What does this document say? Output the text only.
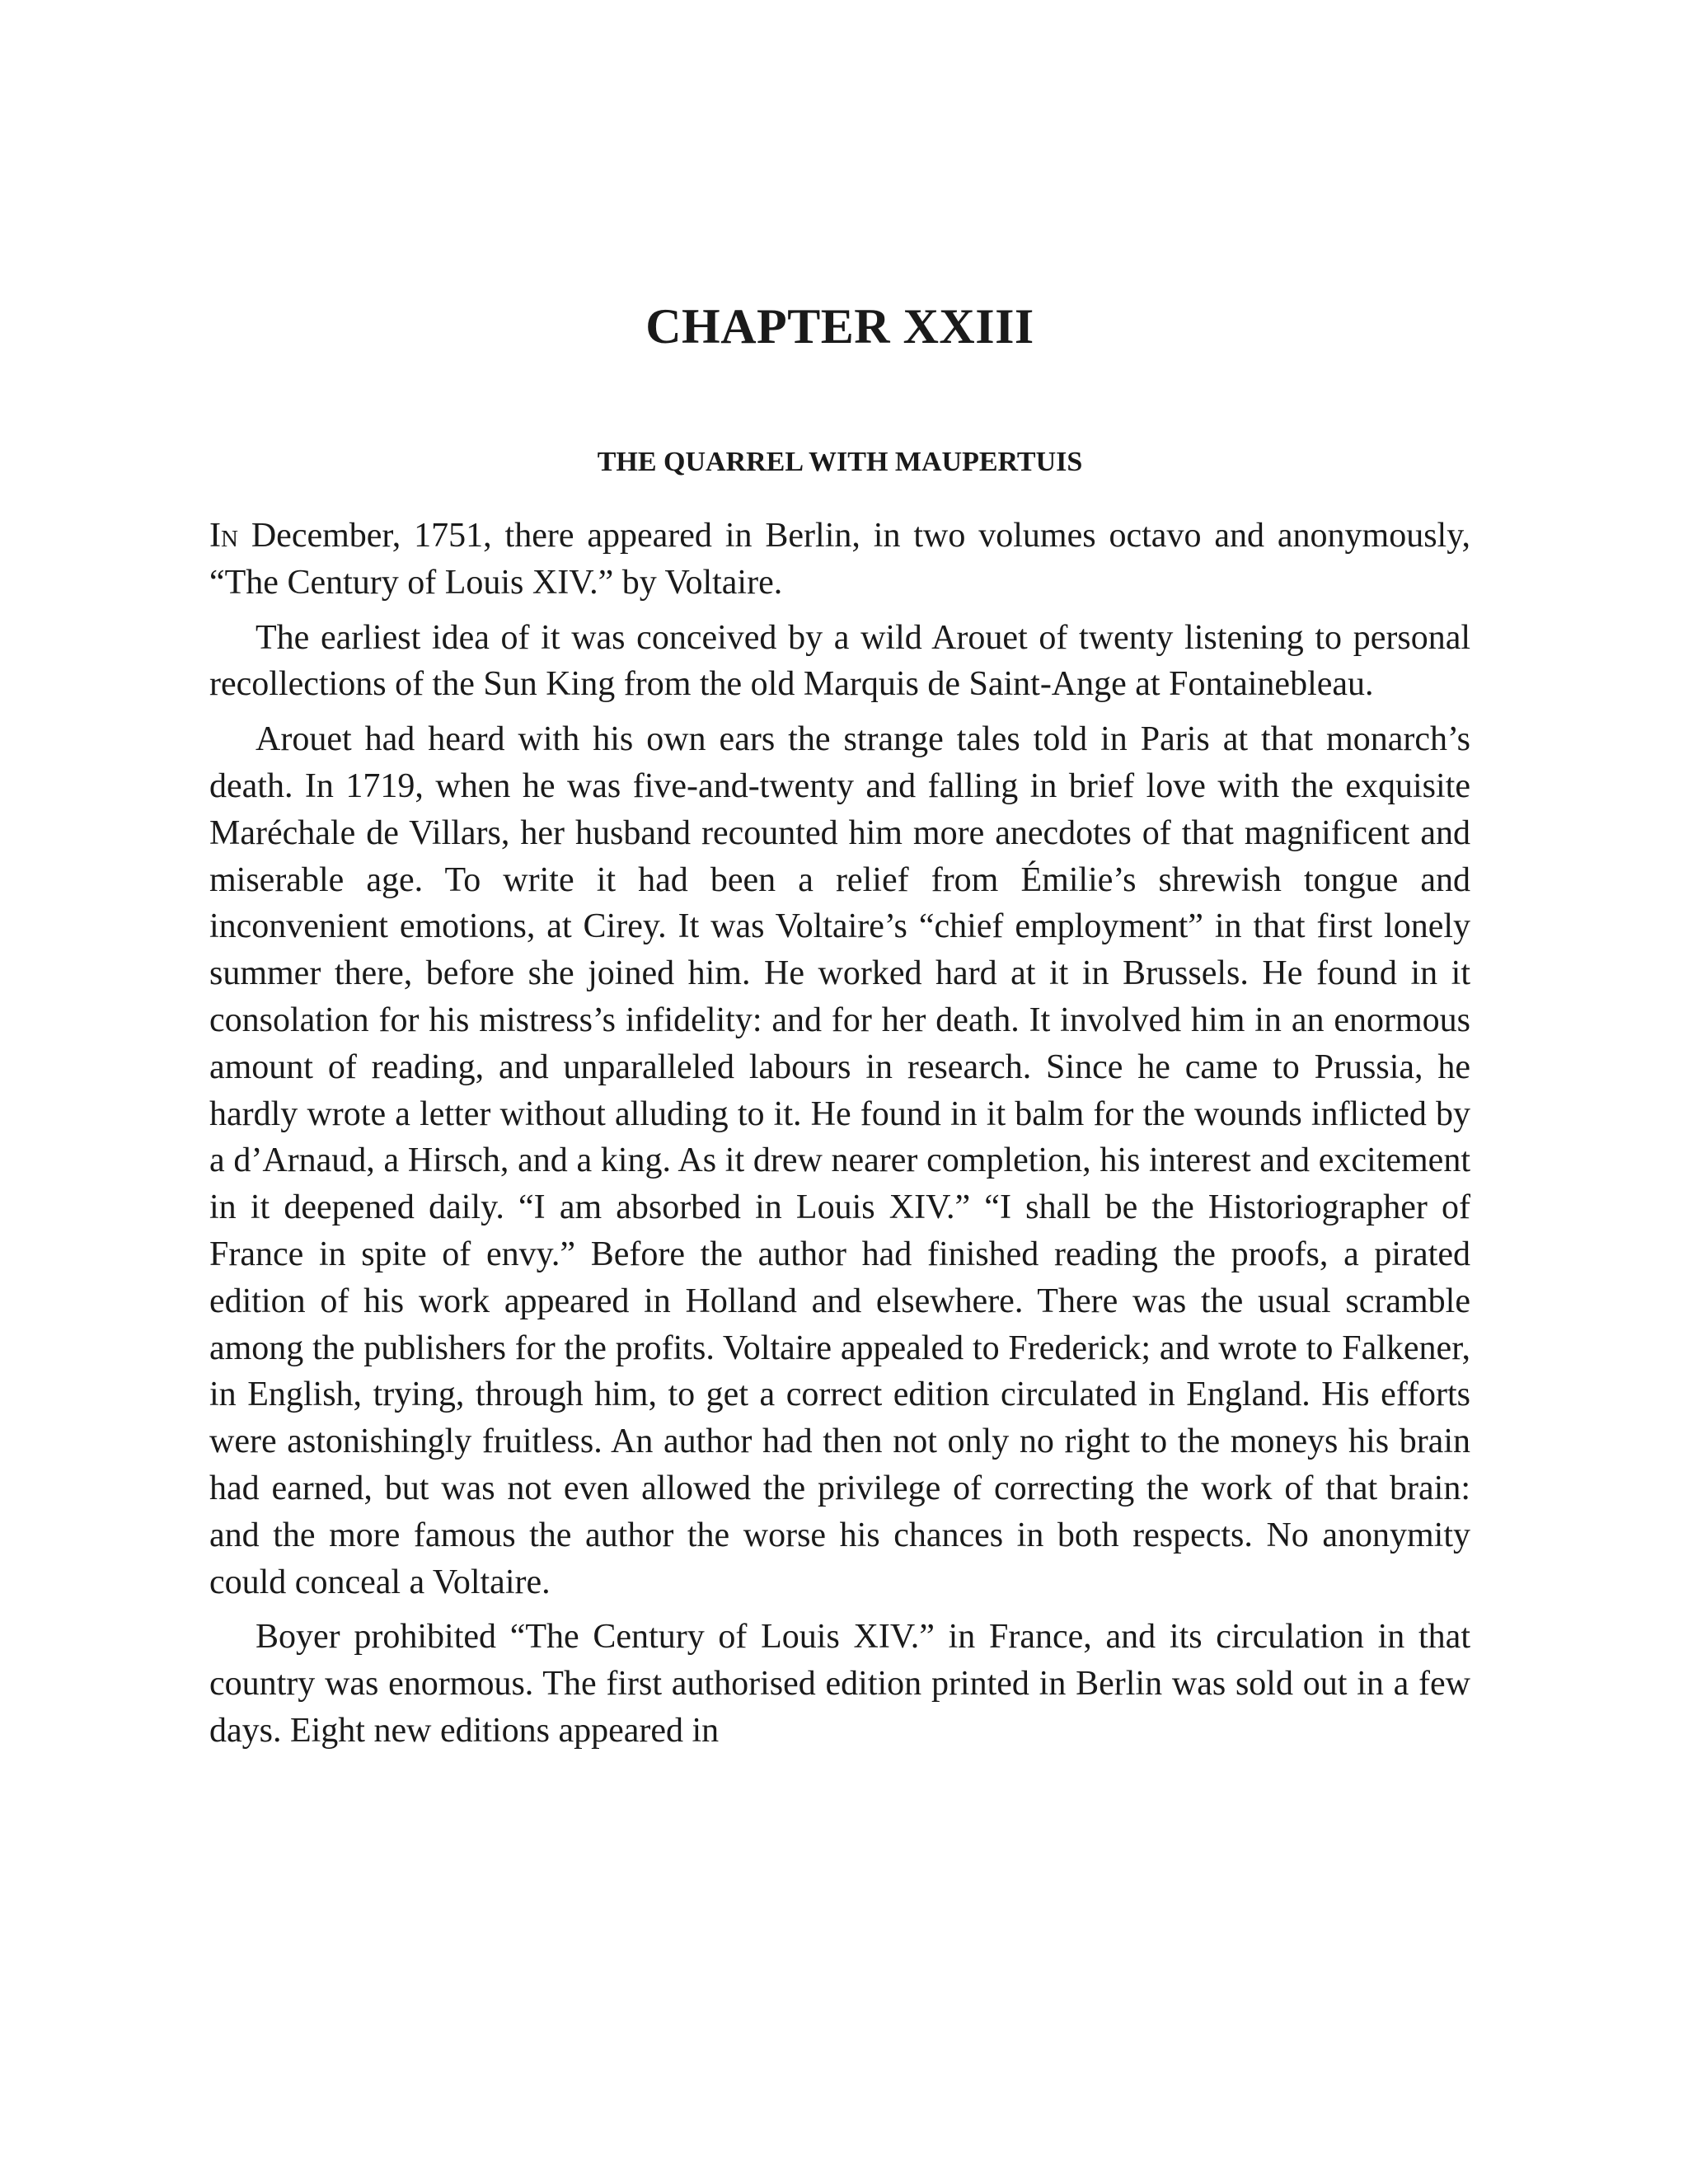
CHAPTER XXIII
THE QUARREL WITH MAUPERTUIS

In December, 1751, there appeared in Berlin, in two volumes octavo and anonymously, “The Century of Louis XIV.” by Voltaire.

The earliest idea of it was conceived by a wild Arouet of twenty listening to personal recollections of the Sun King from the old Marquis de Saint-Ange at Fontainebleau.

Arouet had heard with his own ears the strange tales told in Paris at that monarch’s death. In 1719, when he was five-and-twenty and falling in brief love with the exquisite Maréchale de Villars, her husband recounted him more anecdotes of that magnificent and miserable age. To write it had been a relief from Émilie’s shrewish tongue and inconvenient emotions, at Cirey. It was Voltaire’s “chief employment” in that first lonely summer there, before she joined him. He worked hard at it in Brussels. He found in it consolation for his mistress’s infidelity: and for her death. It involved him in an enormous amount of reading, and unparalleled labours in research. Since he came to Prussia, he hardly wrote a letter without alluding to it. He found in it balm for the wounds inflicted by a d’Arnaud, a Hirsch, and a king. As it drew nearer completion, his interest and excitement in it deepened daily. “I am absorbed in Louis XIV.” “I shall be the Historiographer of France in spite of envy.” Before the author had finished reading the proofs, a pirated edition of his work appeared in Holland and elsewhere. There was the usual scramble among the publishers for the profits. Voltaire appealed to Frederick; and wrote to Falkener, in English, trying, through him, to get a correct edition circulated in England. His efforts were astonishingly fruitless. An author had then not only no right to the moneys his brain had earned, but was not even allowed the privilege of correcting the work of that brain: and the more famous the author the worse his chances in both respects. No anonymity could conceal a Voltaire.

Boyer prohibited “The Century of Louis XIV.” in France, and its circulation in that country was enormous. The first authorised edition printed in Berlin was sold out in a few days. Eight new editions appeared in
